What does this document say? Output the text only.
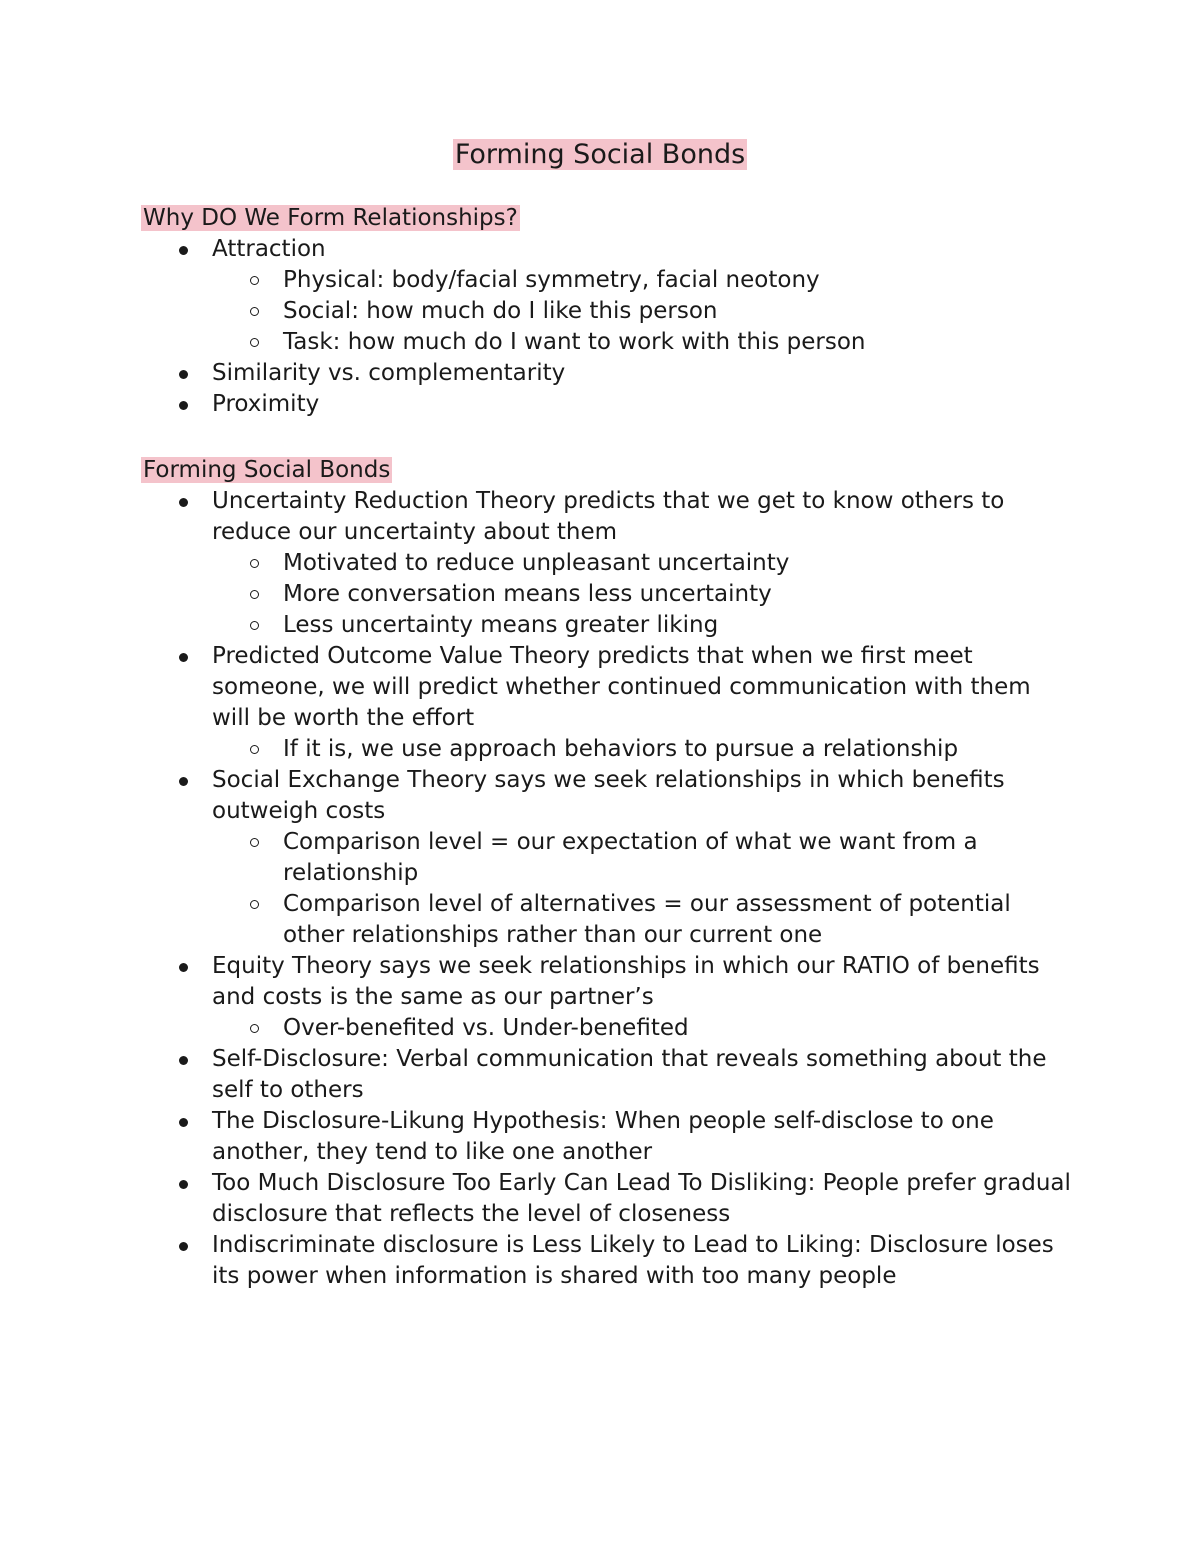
Forming Social Bonds
Why DO We Form Relationships?
Attraction
Physical: body/facial symmetry, facial neotony
Social: how much do I like this person
Task: how much do I want to work with this person
Similarity vs. complementarity
Proximity
Forming Social Bonds
Uncertainty Reduction Theory predicts that we get to know others to reduce our uncertainty about them
Motivated to reduce unpleasant uncertainty
More conversation means less uncertainty
Less uncertainty means greater liking
Predicted Outcome Value Theory predicts that when we first meet someone, we will predict whether continued communication with them will be worth the effort
If it is, we use approach behaviors to pursue a relationship
Social Exchange Theory says we seek relationships in which benefits outweigh costs
Comparison level = our expectation of what we want from a relationship
Comparison level of alternatives = our assessment of potential other relationships rather than our current one
Equity Theory says we seek relationships in which our RATIO of benefits and costs is the same as our partner’s
Over-benefited vs. Under-benefited
Self-Disclosure: Verbal communication that reveals something about the self to others
The Disclosure-Likung Hypothesis: When people self-disclose to one another, they tend to like one another
Too Much Disclosure Too Early Can Lead To Disliking: People prefer gradual disclosure that reflects the level of closeness
Indiscriminate disclosure is Less Likely to Lead to Liking: Disclosure loses its power when information is shared with too many people
